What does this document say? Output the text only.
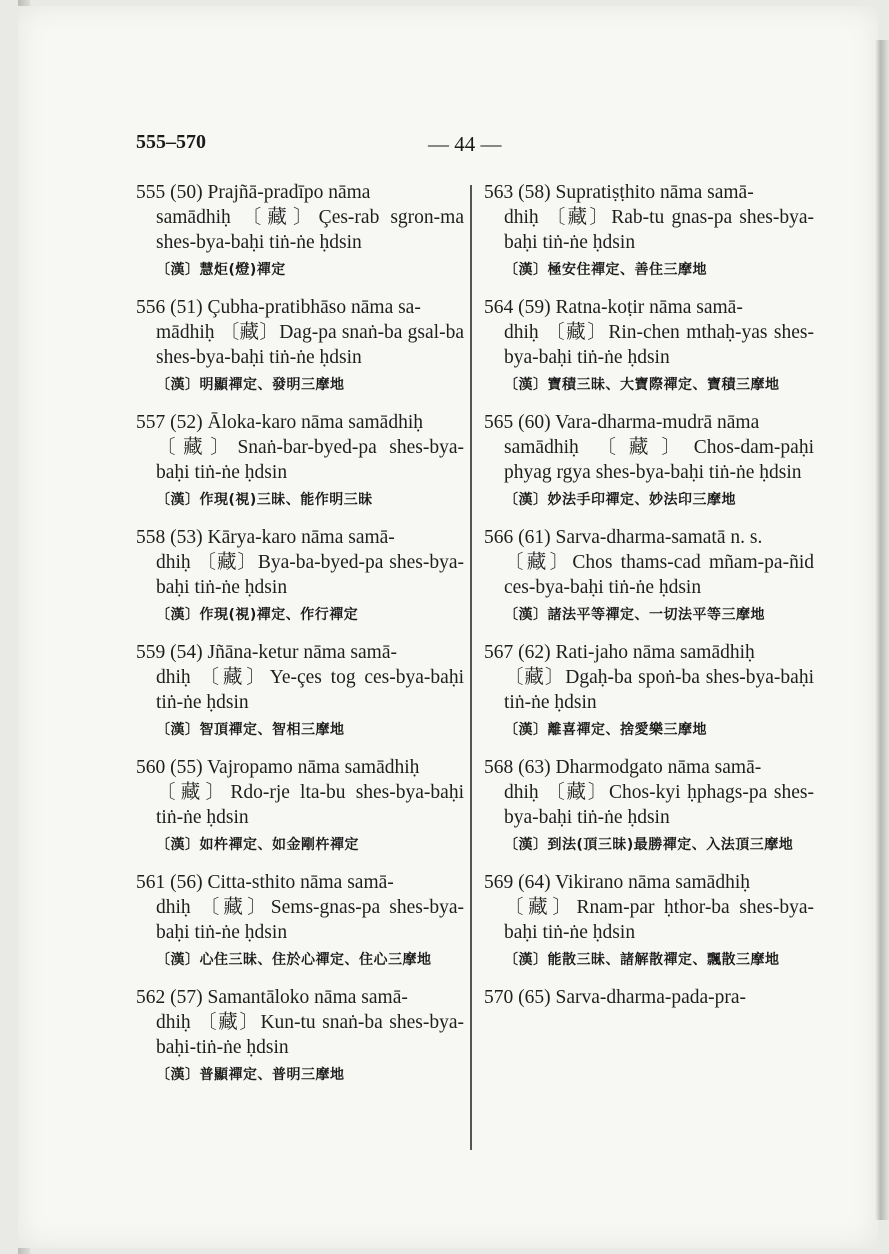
555–570	— 44 —
555 (50) Prajñā-pradīpo nāma
samādhiḥ 〔藏〕Çes-rab sgron-ma shes-bya-baḥi tiṅ-ṅe ḥdsin
〔漢〕慧炬(燈)禪定
556 (51) Çubha-pratibhāso nāma sa-
mādhiḥ 〔藏〕Dag-pa snaṅ-ba gsal-ba shes-bya-baḥi tiṅ-ṅe ḥdsin
〔漢〕明顯禪定、發明三摩地
557 (52) Āloka-karo nāma samādhiḥ
〔藏〕Snaṅ-bar-byed-pa shes-bya-baḥi tiṅ-ṅe ḥdsin
〔漢〕作現(視)三昧、能作明三昧
558 (53) Kārya-karo nāma samā-
dhiḥ 〔藏〕Bya-ba-byed-pa shes-bya-baḥi tiṅ-ṅe ḥdsin
〔漢〕作現(視)禪定、作行禪定
559 (54) Jñāna-ketur nāma samā-
dhiḥ 〔藏〕Ye-çes tog ces-bya-baḥi tiṅ-ṅe ḥdsin
〔漢〕智頂禪定、智相三摩地
560 (55) Vajropamo nāma samādhiḥ
〔藏〕Rdo-rje lta-bu shes-bya-baḥi tiṅ-ṅe ḥdsin
〔漢〕如杵禪定、如金剛杵禪定
561 (56) Citta-sthito nāma samā-
dhiḥ 〔藏〕Sems-gnas-pa shes-bya-baḥi tiṅ-ṅe ḥdsin
〔漢〕心住三昧、住於心禪定、住心三摩地
562 (57) Samantāloko nāma samā-
dhiḥ 〔藏〕Kun-tu snaṅ-ba shes-bya-baḥi-tiṅ-ṅe ḥdsin
〔漢〕普顯禪定、普明三摩地
563 (58) Supratiṣṭhito nāma samā-
dhiḥ 〔藏〕Rab-tu gnas-pa shes-bya-baḥi tiṅ-ṅe ḥdsin
〔漢〕極安住禪定、善住三摩地
564 (59) Ratna-koṭir nāma samā-
dhiḥ 〔藏〕Rin-chen mthaḥ-yas shes-bya-baḥi tiṅ-ṅe ḥdsin
〔漢〕寶積三昧、大寶際禪定、寶積三摩地
565 (60) Vara-dharma-mudrā nāma
samādhiḥ 〔藏〕Chos-dam-paḥi phyag rgya shes-bya-baḥi tiṅ-ṅe ḥdsin
〔漢〕妙法手印禪定、妙法印三摩地
566 (61) Sarva-dharma-samatā n. s.
〔藏〕Chos thams-cad mñam-pa-ñid ces-bya-baḥi tiṅ-ṅe ḥdsin
〔漢〕諸法平等禪定、一切法平等三摩地
567 (62) Rati-jaho nāma samādhiḥ
〔藏〕Dgaḥ-ba spoṅ-ba shes-bya-baḥi tiṅ-ṅe ḥdsin
〔漢〕離喜禪定、捨愛樂三摩地
568 (63) Dharmodgato nāma samā-
dhiḥ 〔藏〕Chos-kyi ḥphags-pa shes-bya-baḥi tiṅ-ṅe ḥdsin
〔漢〕到法(頂三昧)最勝禪定、入法頂三摩地
569 (64) Vikirano nāma samādhiḥ
〔藏〕Rnam-par ḥthor-ba shes-bya-baḥi tiṅ-ṅe ḥdsin
〔漢〕能散三昧、諸解散禪定、飄散三摩地
570 (65) Sarva-dharma-pada-pra-
